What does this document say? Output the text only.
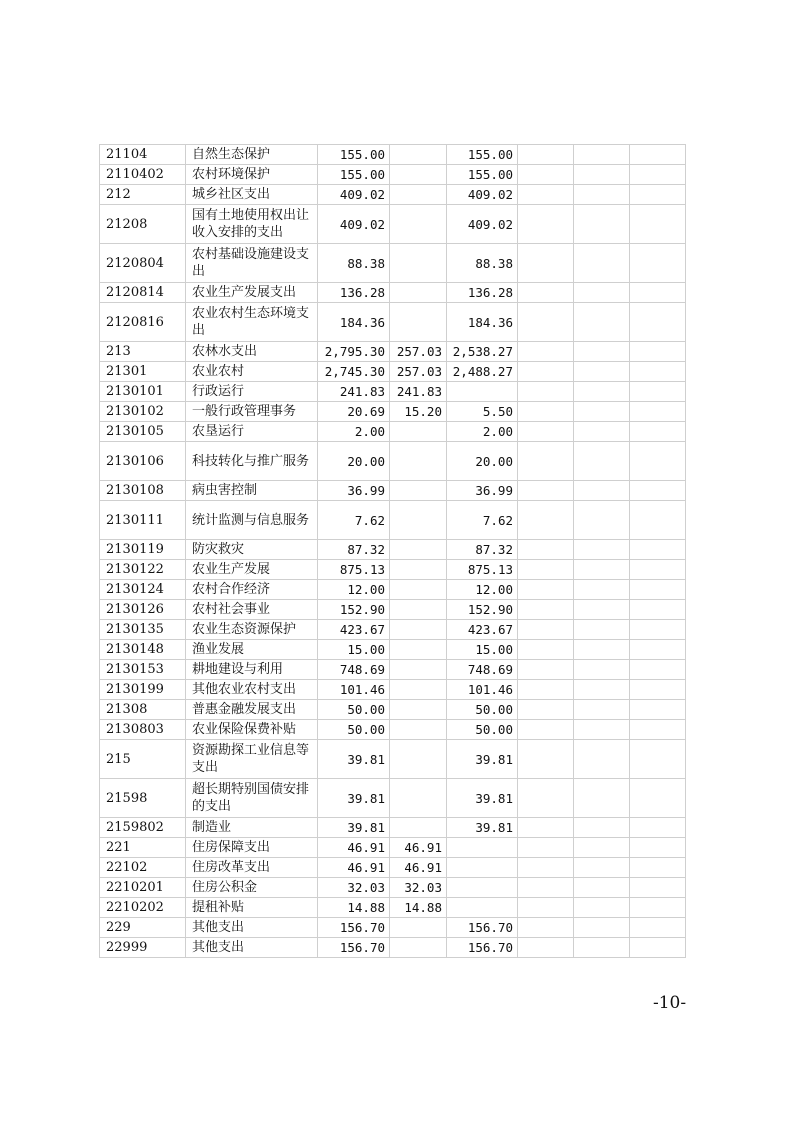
21104	自然生态保护	155.00		155.00			
2110402	农村环境保护	155.00		155.00			
212	城乡社区支出	409.02		409.02			
21208	国有土地使用权出让收入安排的支出	409.02		409.02			
2120804	农村基础设施建设支出	88.38		88.38			
2120814	农业生产发展支出	136.28		136.28			
2120816	农业农村生态环境支出	184.36		184.36			
213	农林水支出	2,795.30	257.03	2,538.27			
21301	农业农村	2,745.30	257.03	2,488.27			
2130101	行政运行	241.83	241.83				
2130102	一般行政管理事务	20.69	15.20	5.50			
2130105	农垦运行	2.00		2.00			
2130106	科技转化与推广服务	20.00		20.00			
2130108	病虫害控制	36.99		36.99			
2130111	统计监测与信息服务	7.62		7.62			
2130119	防灾救灾	87.32		87.32			
2130122	农业生产发展	875.13		875.13			
2130124	农村合作经济	12.00		12.00			
2130126	农村社会事业	152.90		152.90			
2130135	农业生态资源保护	423.67		423.67			
2130148	渔业发展	15.00		15.00			
2130153	耕地建设与利用	748.69		748.69			
2130199	其他农业农村支出	101.46		101.46			
21308	普惠金融发展支出	50.00		50.00			
2130803	农业保险保费补贴	50.00		50.00			
215	资源勘探工业信息等支出	39.81		39.81			
21598	超长期特别国债安排的支出	39.81		39.81			
2159802	制造业	39.81		39.81			
221	住房保障支出	46.91	46.91				
22102	住房改革支出	46.91	46.91				
2210201	住房公积金	32.03	32.03				
2210202	提租补贴	14.88	14.88				
229	其他支出	156.70		156.70			
22999	其他支出	156.70		156.70			
-10-
